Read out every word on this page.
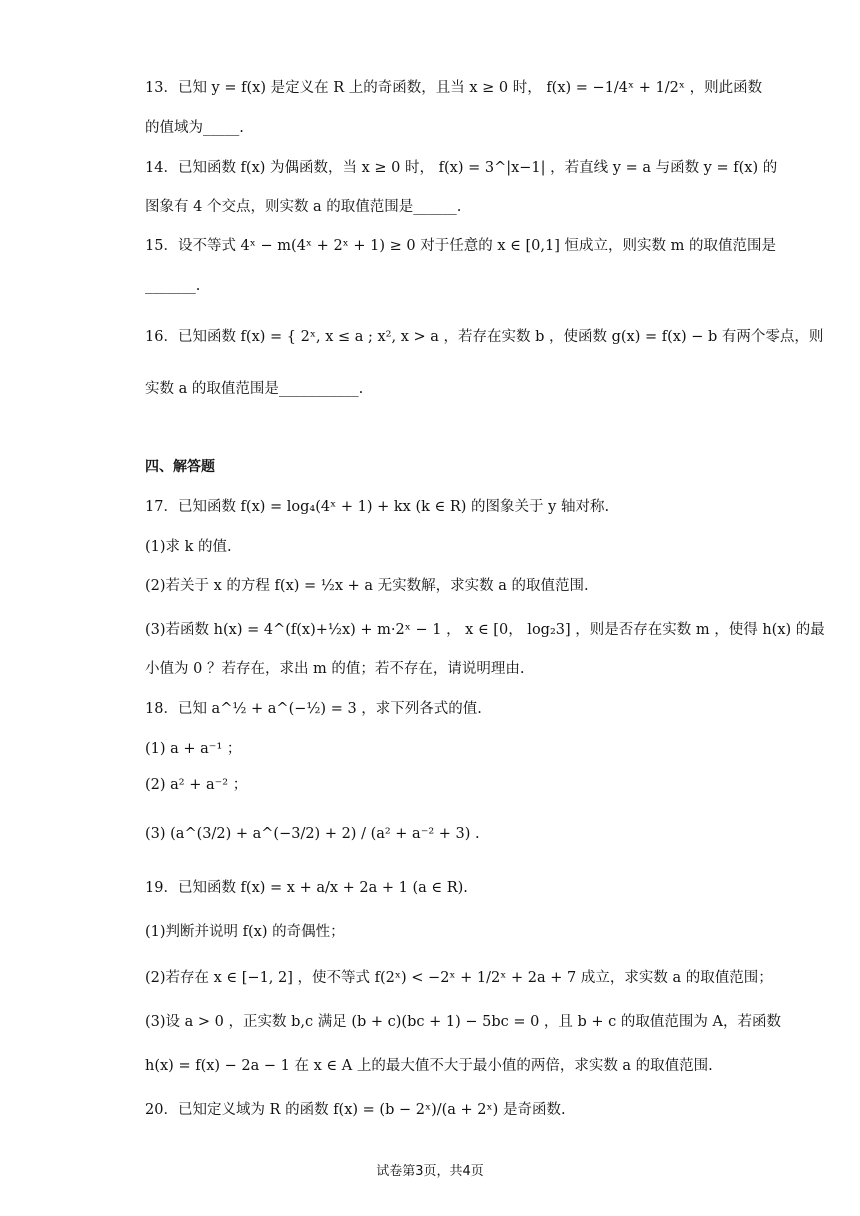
13．已知 y = f(x) 是定义在 R 上的奇函数，且当 x ≥ 0 时， f(x) = −1/4ˣ + 1/2ˣ ，则此函数
的值域为_____.
14．已知函数 f(x) 为偶函数，当 x ≥ 0 时， f(x) = 3^|x−1| ，若直线 y = a 与函数 y = f(x) 的
图象有 4 个交点，则实数 a 的取值范围是______.
15．设不等式 4ˣ − m(4ˣ + 2ˣ + 1) ≥ 0 对于任意的 x ∈ [0,1] 恒成立，则实数 m 的取值范围是
_______.
16．已知函数 f(x) = { 2ˣ, x ≤ a ; x², x > a ，若存在实数 b ，使函数 g(x) = f(x) − b 有两个零点，则
实数 a 的取值范围是___________.
四、解答题
17．已知函数 f(x) = log₄(4ˣ + 1) + kx (k ∈ R) 的图象关于 y 轴对称.
(1)求 k 的值.
(2)若关于 x 的方程 f(x) = ½x + a 无实数解，求实数 a 的取值范围.
(3)若函数 h(x) = 4^(f(x)+½x) + m·2ˣ − 1 ， x ∈ [0， log₂3] ，则是否存在实数 m ，使得 h(x) 的最
小值为 0 ？若存在，求出 m 的值；若不存在，请说明理由.
18．已知 a^½ + a^(−½) = 3 ，求下列各式的值.
(1) a + a⁻¹ ；
(2) a² + a⁻² ；
(3) (a^(3/2) + a^(−3/2) + 2) / (a² + a⁻² + 3) .
19．已知函数 f(x) = x + a/x + 2a + 1 (a ∈ R).
(1)判断并说明 f(x) 的奇偶性；
(2)若存在 x ∈ [−1, 2] ，使不等式 f(2ˣ) < −2ˣ + 1/2ˣ + 2a + 7 成立，求实数 a 的取值范围；
(3)设 a > 0 ，正实数 b,c 满足 (b + c)(bc + 1) − 5bc = 0 ，且 b + c 的取值范围为 A，若函数
h(x) = f(x) − 2a − 1 在 x ∈ A 上的最大值不大于最小值的两倍，求实数 a 的取值范围.
20．已知定义域为 R 的函数 f(x) = (b − 2ˣ)/(a + 2ˣ) 是奇函数.
试卷第3页，共4页
